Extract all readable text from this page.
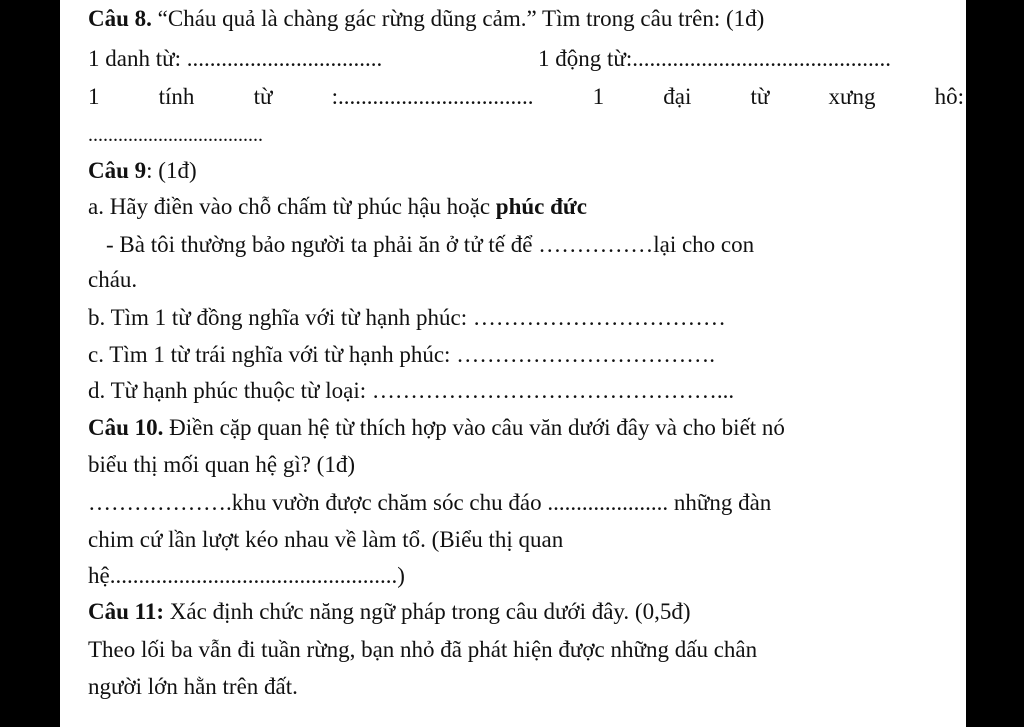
Câu 8. “Cháu quả là chàng gác rừng dũng cảm.” Tìm trong câu trên: (1đ)
1 danh từ: ..................................	1 động từ:.............................................
1	tính	từ	:..................................	1	đại	từ	xưng	hô:
...................................
Câu 9: (1đ)
a. Hãy điền vào chỗ chấm từ phúc hậu hoặc phúc đức
- Bà tôi thường bảo người ta phải ăn ở tử tế để ……………lại cho con
cháu.
b. Tìm 1 từ đồng nghĩa với từ hạnh phúc: ……………………………
c. Tìm 1 từ trái nghĩa với từ hạnh phúc: …………………………….
d. Từ hạnh phúc thuộc từ loại: ………………………………………...
Câu 10. Điền cặp quan hệ từ thích hợp vào câu văn dưới đây và cho biết nó
biểu thị mối quan hệ gì? (1đ)
……………….khu vườn được chăm sóc chu đáo ..................... những đàn
chim cứ lần lượt kéo nhau về làm tổ. (Biểu thị quan
hệ..................................................)
Câu 11: Xác định chức năng ngữ pháp trong câu dưới đây. (0,5đ)
Theo lối ba vẫn đi tuần rừng, bạn nhỏ đã phát hiện được những dấu chân
người lớn hằn trên đất.
